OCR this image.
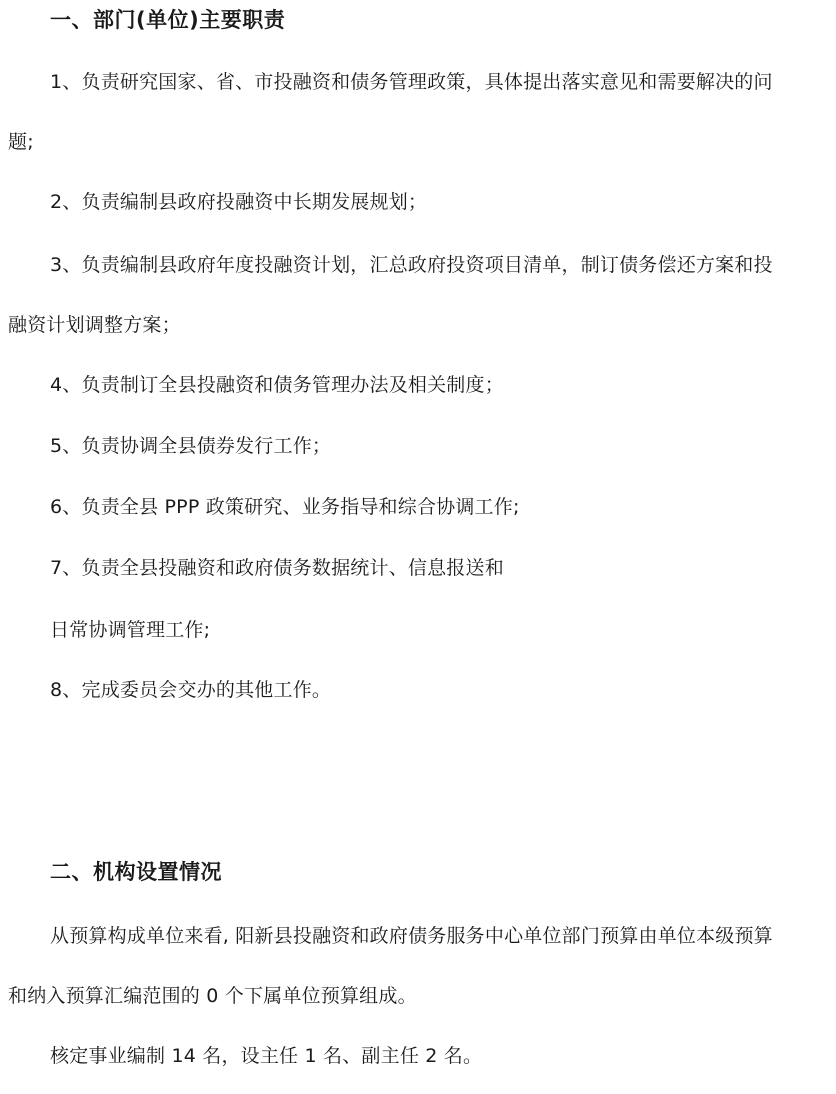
一、部门(单位)主要职责
1、负责研究国家、省、市投融资和债务管理政策，具体提出落实意见和需要解决的问
题;
2、负责编制县政府投融资中长期发展规划；
3、负责编制县政府年度投融资计划，汇总政府投资项目清单，制订债务偿还方案和投
融资计划调整方案；
4、负责制订全县投融资和债务管理办法及相关制度；
5、负责协调全县债券发行工作；
6、负责全县 PPP 政策研究、业务指导和综合协调工作;
7、负责全县投融资和政府债务数据统计、信息报送和
日常协调管理工作;
8、完成委员会交办的其他工作。
二、机构设置情况
从预算构成单位来看, 阳新县投融资和政府债务服务中心单位部门预算由单位本级预算
和纳入预算汇编范围的 0 个下属单位预算组成。
核定事业编制 14 名，设主任 1 名、副主任 2 名。
